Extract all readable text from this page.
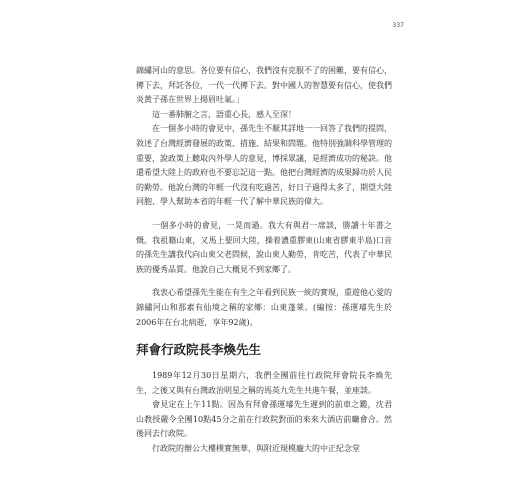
337

錦繡河山的意思。各位要有信心，我們沒有克服不了的困難，要有信心，傳下去，拜託各位，一代一代傳下去。對中國人的智慧要有信心，使我們炎黃子孫在世界上揚眉吐氣。」

這一番肺腑之言，語重心長，感人至深！

在一個多小時的會見中，孫先生不厭其詳地一一回答了我們的提問，敘述了台灣經濟發展的政策、措施、結果和問題。他特別強調科學管理的重要，說政策上聽取內外學人的意見，博採眾議，是經濟成功的秘訣。他還希望大陸上的政府也不要忘記這一點。他把台灣經濟的成果歸功於人民的勤勞。他說台灣的年輕一代沒有吃過苦，好日子過得太多了，期望大陸同胞、學人幫助本省的年輕一代了解中華民族的偉大。

一個多小時的會見，一晃而過。我大有與君一席談，勝讀十年書之慨。我祖籍山東，又馬上要回大陸，操着濃重膠東(山東省膠東半島)口音的孫先生講我代向山東父老問候，說山東人勤勞，肯吃苦，代表了中華民族的優秀品質。他說自己大概見不到家鄉了。

我衷心希望孫先生能在有生之年看到民族一統的實現，重遊他心愛的錦繡河山和那素有仙境之稱的家鄉：山東蓬萊。(編按：孫運璿先生於2006年在台北病逝，享年92歲)。

拜會行政院長李煥先生

1989年12月30日星期六，我們全團前往行政院拜會院長李煥先生，之後又與有台灣政治明星之稱的馬英九先生共進午餐，並座談。

會見定在上午11點。因為有拜會孫運璿先生遲到的前車之鑑，沈君山教授嚴令全團10點45分之前在行政院對面的來來大酒店前廳會合。然後同去行政院。

行政院的辦公大樓樸實無華，與附近規模龐大的中正紀念堂
